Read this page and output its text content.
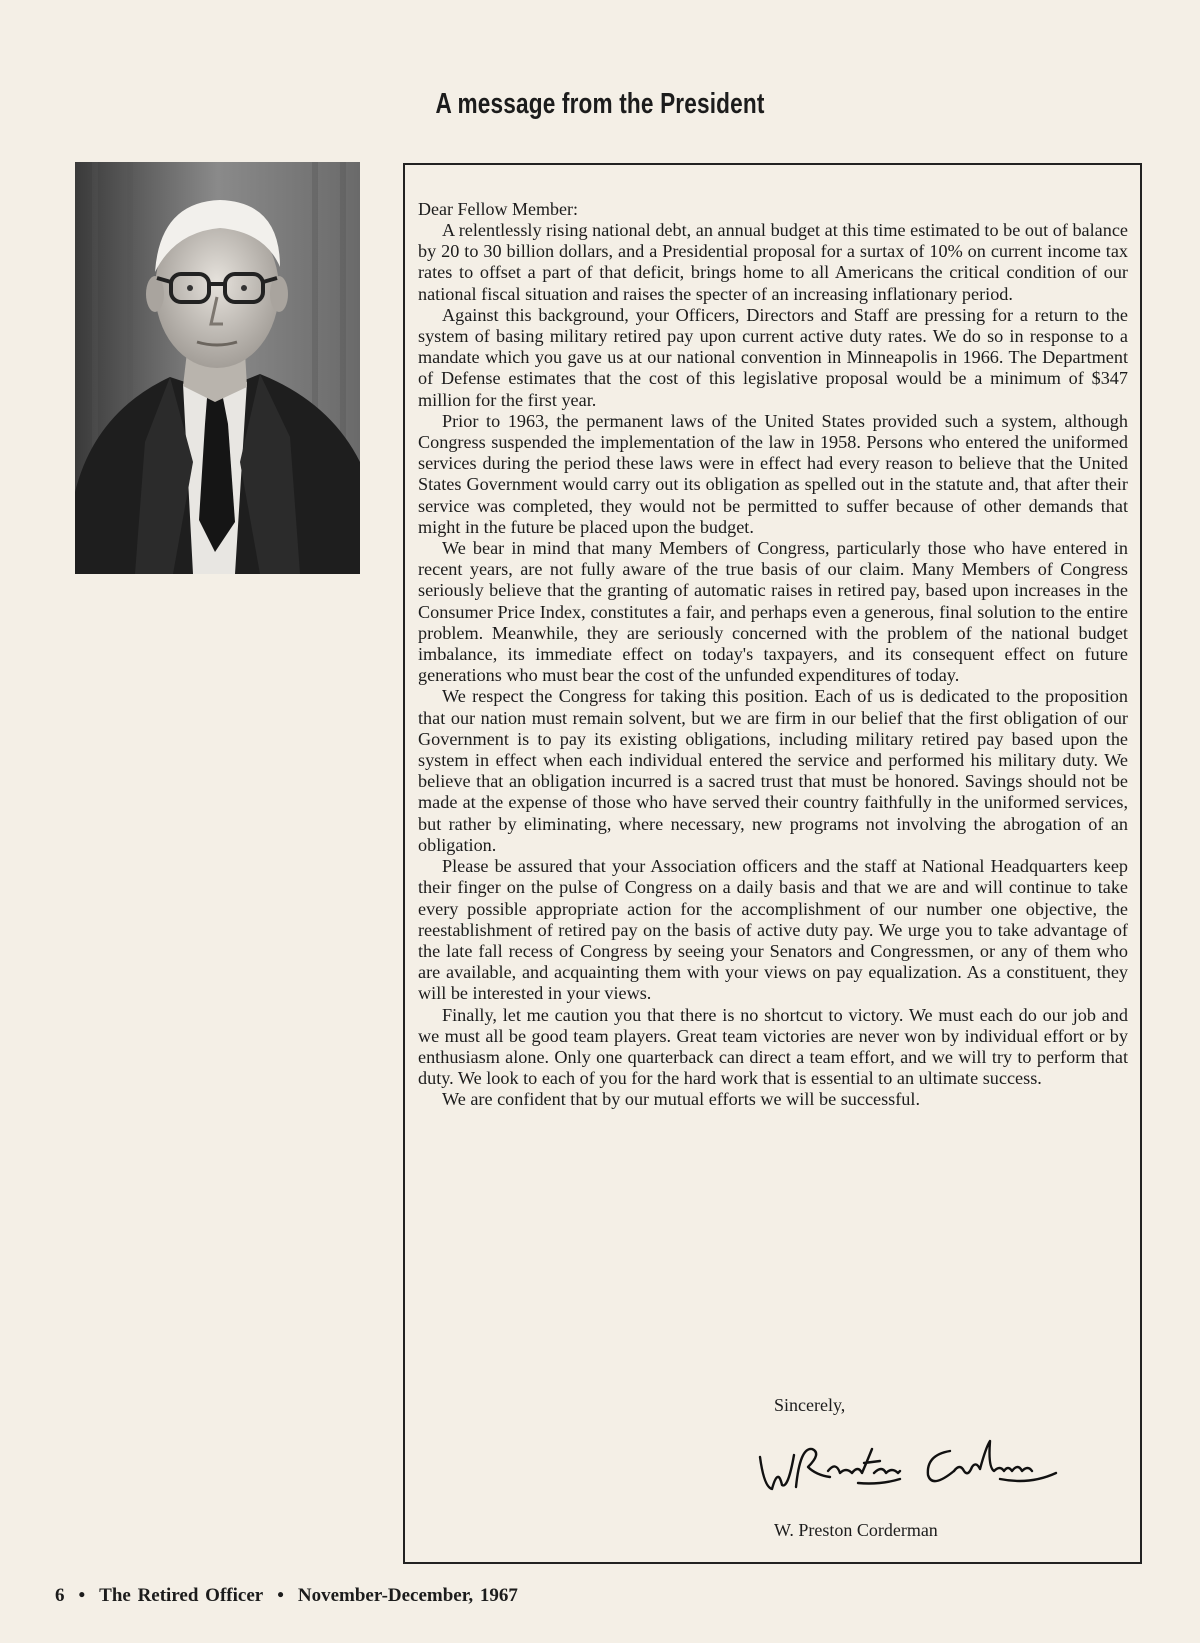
A message from the President
Dear Fellow Member:

A relentlessly rising national debt, an annual budget at this time estimated to be out of balance by 20 to 30 billion dollars, and a Presidential proposal for a surtax of 10% on current income tax rates to offset a part of that deficit, brings home to all Americans the critical condition of our national fiscal situation and raises the specter of an increasing inflationary period.

Against this background, your Officers, Directors and Staff are pressing for a return to the system of basing military retired pay upon current active duty rates. We do so in response to a mandate which you gave us at our national convention in Minneapolis in 1966. The Department of Defense estimates that the cost of this legislative proposal would be a minimum of $347 million for the first year.

Prior to 1963, the permanent laws of the United States provided such a system, although Congress suspended the implementation of the law in 1958. Persons who entered the uniformed services during the period these laws were in effect had every reason to believe that the United States Government would carry out its obligation as spelled out in the statute and, that after their service was completed, they would not be permitted to suffer because of other demands that might in the future be placed upon the budget.

We bear in mind that many Members of Congress, particularly those who have entered in recent years, are not fully aware of the true basis of our claim. Many Members of Congress seriously believe that the granting of automatic raises in retired pay, based upon increases in the Consumer Price Index, constitutes a fair, and perhaps even a generous, final solution to the entire problem. Meanwhile, they are seriously concerned with the problem of the national budget imbalance, its immediate effect on today's taxpayers, and its consequent effect on future generations who must bear the cost of the unfunded expenditures of today.

We respect the Congress for taking this position. Each of us is dedicated to the proposition that our nation must remain solvent, but we are firm in our belief that the first obligation of our Government is to pay its existing obligations, including military retired pay based upon the system in effect when each individual entered the service and performed his military duty. We believe that an obligation incurred is a sacred trust that must be honored. Savings should not be made at the expense of those who have served their country faithfully in the uniformed services, but rather by eliminating, where necessary, new programs not involving the abrogation of an obligation.

Please be assured that your Association officers and the staff at National Headquarters keep their finger on the pulse of Congress on a daily basis and that we are and will continue to take every possible appropriate action for the accomplishment of our number one objective, the reestablishment of retired pay on the basis of active duty pay. We urge you to take advantage of the late fall recess of Congress by seeing your Senators and Congressmen, or any of them who are available, and acquainting them with your views on pay equalization. As a constituent, they will be interested in your views.

Finally, let me caution you that there is no shortcut to victory. We must each do our job and we must all be good team players. Great team victories are never won by individual effort or by enthusiasm alone. Only one quarterback can direct a team effort, and we will try to perform that duty. We look to each of you for the hard work that is essential to an ultimate success.

We are confident that by our mutual efforts we will be successful.

Sincerely,
W. Preston Corderman
6 • The Retired Officer • November-December, 1967
